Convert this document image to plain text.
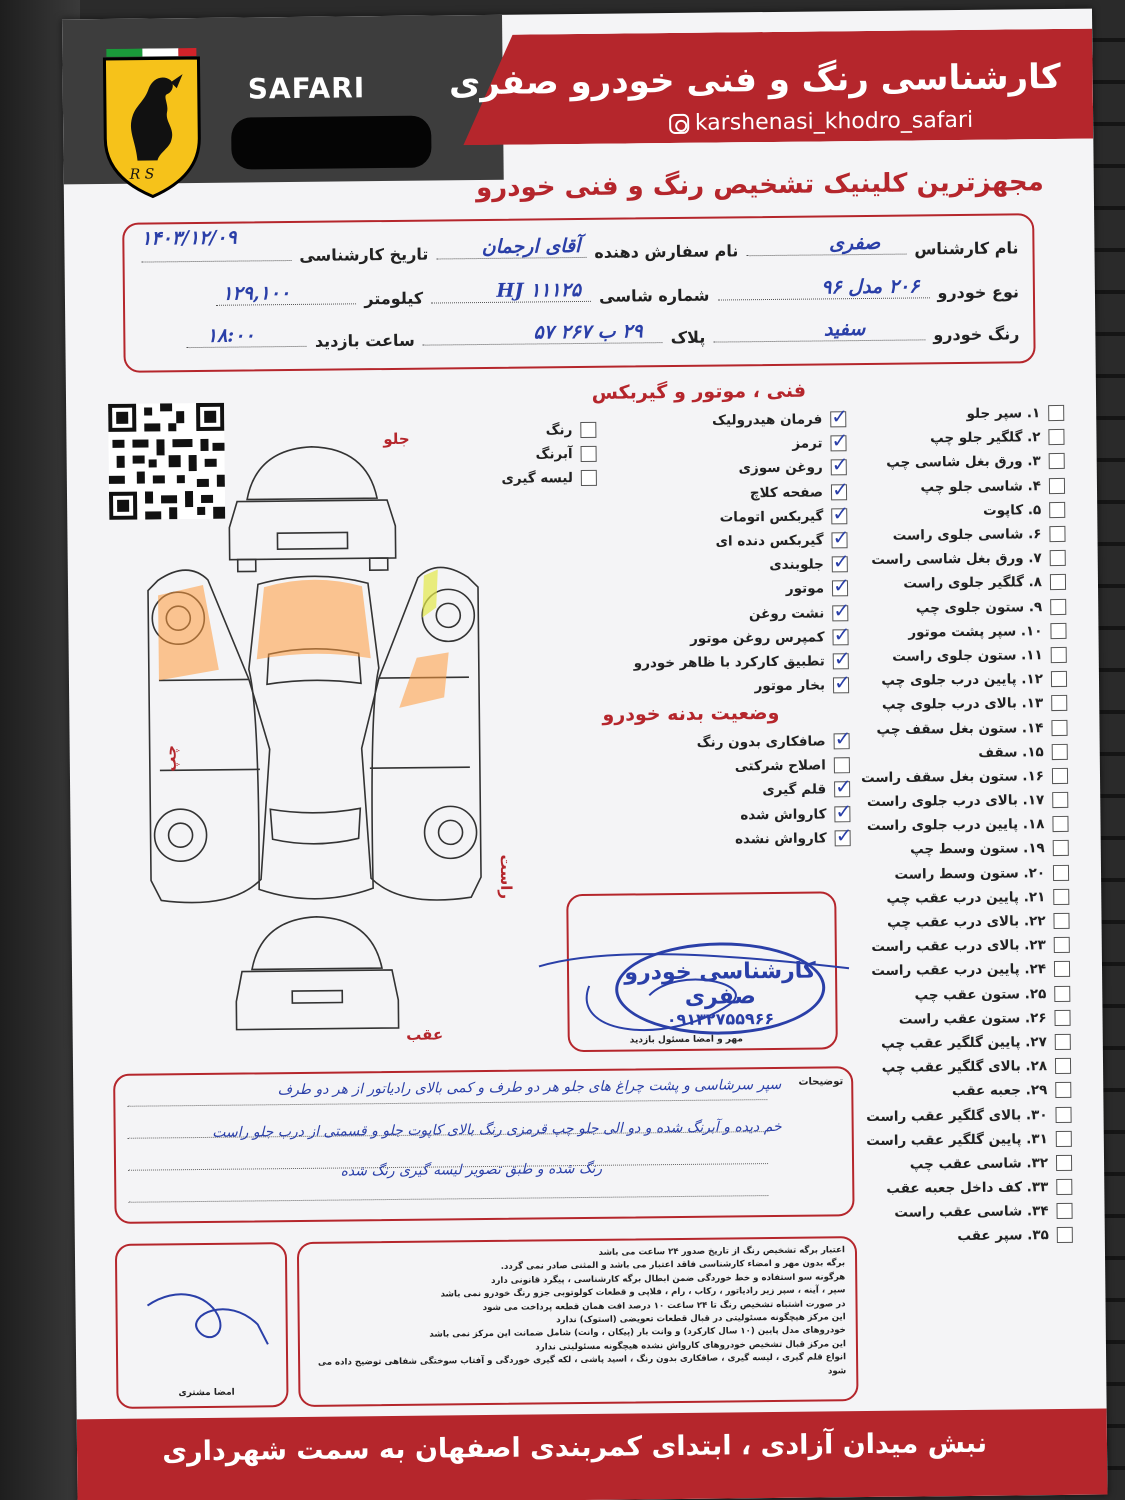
R S
SAFARI کارشناسی رنگ و فنی خودرو صفری
karshenasi_khodro_safari
مجهزترین کلینیک تشخیص رنگ و فنی خودرو
نام کارشناس
صفری
نام سفارش دهنده
آقای ارجمان
تاریخ کارشناسی
۱۴۰۳/۱۲/۰۹
نوع خودرو
۲۰۶ مدل ۹۶
شماره شاسی
HJ ۱۱۱۲۵
کیلومتر
۱۲۹,۱۰۰
رنگ خودرو
سفید
پلاک
۲۹ ب ۲۶۷ ۵۷
ساعت بازدید
۱۸:۰۰
۱. سپر جلو
۲. گلگیر جلو چپ
۳. ورق بغل شاسی چپ
۴. شاسی جلو چپ
۵. کاپوت
۶. شاسی جلوی راست
۷. ورق بغل شاسی راست
۸. گلگیر جلوی راست
۹. ستون جلوی چپ
۱۰. سپر پشت موتور
۱۱. ستون جلوی راست
۱۲. پایین درب جلوی چپ
۱۳. بالای درب جلوی چپ
۱۴. ستون بغل سقف چپ
۱۵. سقف
۱۶. ستون بغل سقف راست
۱۷. بالای درب جلوی راست
۱۸. پایین درب جلوی راست
۱۹. ستون وسط چپ
۲۰. ستون وسط راست
۲۱. پایین درب عقب چپ
۲۲. بالای درب عقب چپ
۲۳. بالای درب عقب راست
۲۴. پایین درب عقب راست
۲۵. ستون عقب چپ
۲۶. ستون عقب راست
۲۷. پایین گلگیر عقب چپ
۲۸. بالای گلگیر عقب چپ
۲۹. جعبه عقب
۳۰. بالای گلگیر عقب راست
۳۱. پایین گلگیر عقب راست
۳۲. شاسی عقب چپ
۳۳. کف داخل جعبه عقب
۳۴. شاسی عقب راست
۳۵. سپر عقب
فنی ، موتور و گیربکس
✓
فرمان هیدرولیک
✓
ترمز
✓
روغن سوزی
✓
صفحه کلاچ
✓
گیربکس اتومات
✓
گیربکس دنده ای
✓
جلوبندی
✓
موتور
✓
نشت روغن
✓
کمپرس روغن موتور
✓
تطبیق کارکرد با ظاهر خودرو
✓
بخار موتور
وضعیت بدنه خودرو
✓
صافکاری بدون رنگ
اصلاح شرکتی
✓
قلم گیری
✓
کارواش شده
✓
کارواش نشده
رنگ
آبرنگ
لیسه گیری
جلو
عقب
چپ
راست
کارشناسی خودرو صفری
۰۹۱۳۲۷۵۵۹۶۶
مهر و امضا مسئول بازدید
توضیحات
سپر سرشاسی و پشت چراغ های جلو هر دو طرف و کمی بالای رادیاتور از هر دو طرف
خم دیده و آبرنگ شده و دو الی جلو چپ قرمزی رنگ بالای کاپوت جلو و قسمتی از درب جلو راست
رنگ شده و طبق تصویر لیسه گیری رنگ شده
امضا مشتری
اعتبار برگه تشخیص رنگ از تاریخ صدور ۲۴ ساعت می باشد
برگه بدون مهر و امضاء کارشناسی فاقد اعتبار می باشد و المثنی صادر نمی گردد.
هرگونه سو استفاده و خط خوردگی ضمن ابطال برگه کارشناسی ، پیگرد قانونی دارد
سپر ، آینه ، سپر زیر رادیاتور ، رکاب ، رام ، فلاپی و قطعات کولوتوبی جزو رنگ خودرو نمی باشد
در صورت اشتباه تشخیص رنگ تا ۲۴ ساعت ۱۰ درصد افت همان قطعه پرداخت می شود
این مرکز هیچگونه مسئولیتی در قبال قطعات تعویضی (استوک) ندارد
خودروهای مدل پایین (۱۰ سال کارکرد) و وانت بار (پیکان ، وانت) شامل ضمانت این مرکز نمی باشد
این مرکز قبال تشخیص خودروهای کارواش نشده هیچگونه مسئولیتی ندارد
انواع قلم گیری ، لیسه گیری ، صافکاری بدون رنگ ، اسید پاشی ، لکه گیری خوردگی و آفتاب سوختگی شفاهی توضیح داده می شود
نبش میدان آزادی ، ابتدای کمربندی اصفهان به سمت شهرداری
